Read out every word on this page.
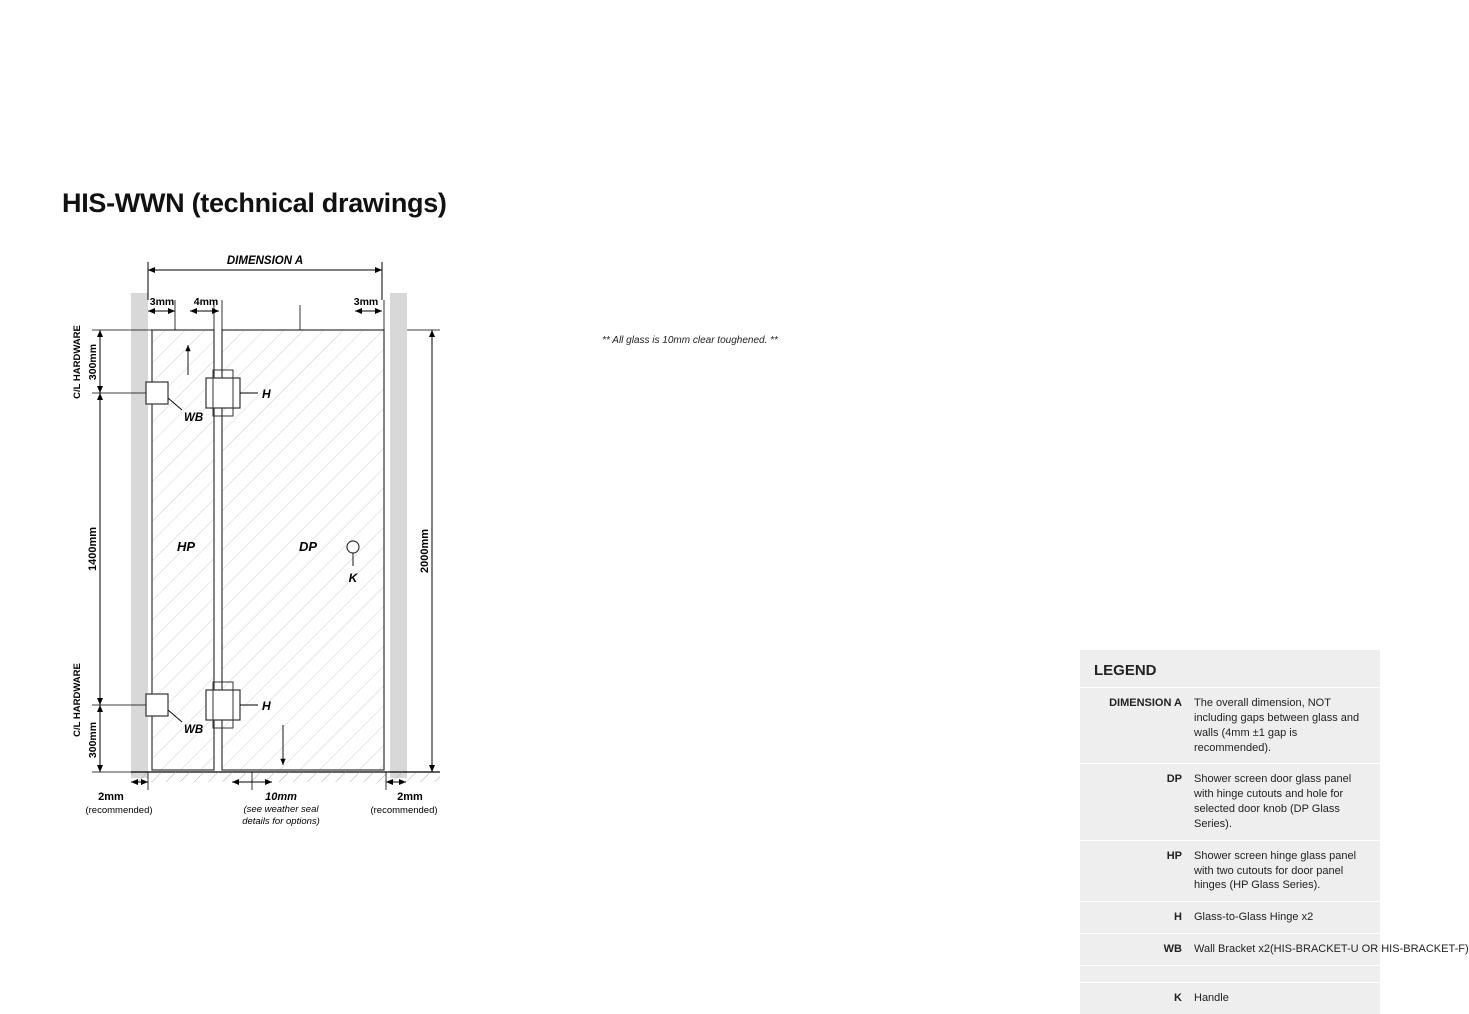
HIS-WWN (technical drawings)
DIMENSION A
3mm 4mm	3mm
300mm
C/L HARDWARE
1400mm
300mm
C/L HARDWARE
2000mm
WB
WB
H
H
HP	DP
K
2mm
(recommended)
10mm
(see weather seal
details for options)
2mm
(recommended)
LEGEND
DIMENSION A	The overall dimension, NOT including gaps between glass and walls (4mm ±1 gap is recommended).
DP	Shower screen door glass panel with hinge cutouts and hole for selected door knob (DP Glass Series).
HP	Shower screen hinge glass panel with two cutouts for door panel hinges (HP Glass Series).
H	Glass-to-Glass Hinge x2
WB	Wall Bracket x2(HIS-BRACKET-U OR HIS-BRACKET-F)
K	Handle
** All glass is 10mm clear toughened. **
